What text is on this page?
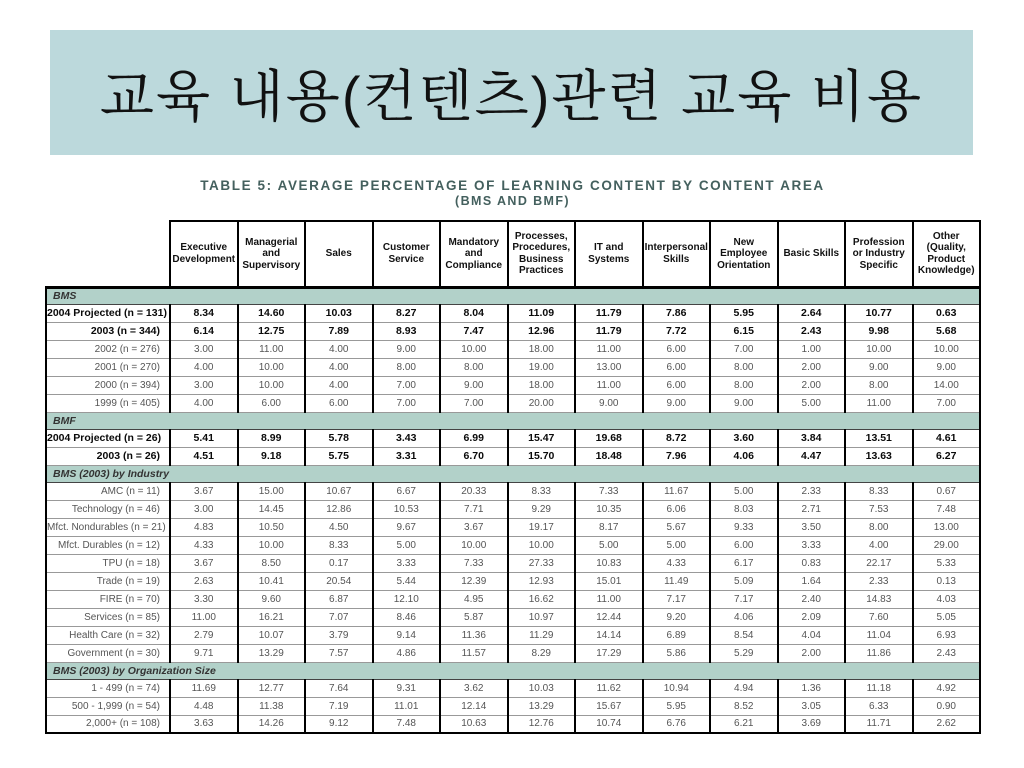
교육 내용(컨텐츠)관련 교육 비용
TABLE 5: AVERAGE PERCENTAGE OF LEARNING CONTENT BY CONTENT AREA
(BMS AND BMF)
	Executive Development	Managerial and Supervisory	Sales	Customer Service	Mandatory and Compliance	Processes, Procedures, Business Practices	IT and Systems	Interpersonal Skills	New Employee Orientation	Basic Skills	Profession or Industry Specific	Other (Quality, Product Knowledge)
BMS												
2004 Projected (n = 131)	8.34	14.60	10.03	8.27	8.04	11.09	11.79	7.86	5.95	2.64	10.77	0.63
2003 (n = 344)	6.14	12.75	7.89	8.93	7.47	12.96	11.79	7.72	6.15	2.43	9.98	5.68
2002 (n = 276)	3.00	11.00	4.00	9.00	10.00	18.00	11.00	6.00	7.00	1.00	10.00	10.00
2001 (n = 270)	4.00	10.00	4.00	8.00	8.00	19.00	13.00	6.00	8.00	2.00	9.00	9.00
2000 (n = 394)	3.00	10.00	4.00	7.00	9.00	18.00	11.00	6.00	8.00	2.00	8.00	14.00
1999 (n = 405)	4.00	6.00	6.00	7.00	7.00	20.00	9.00	9.00	9.00	5.00	11.00	7.00
BMF												
2004 Projected (n = 26)	5.41	8.99	5.78	3.43	6.99	15.47	19.68	8.72	3.60	3.84	13.51	4.61
2003 (n = 26)	4.51	9.18	5.75	3.31	6.70	15.70	18.48	7.96	4.06	4.47	13.63	6.27
BMS (2003) by Industry												
AMC (n = 11)	3.67	15.00	10.67	6.67	20.33	8.33	7.33	11.67	5.00	2.33	8.33	0.67
Technology (n = 46)	3.00	14.45	12.86	10.53	7.71	9.29	10.35	6.06	8.03	2.71	7.53	7.48
Mfct. Nondurables (n = 21)	4.83	10.50	4.50	9.67	3.67	19.17	8.17	5.67	9.33	3.50	8.00	13.00
Mfct. Durables (n = 12)	4.33	10.00	8.33	5.00	10.00	10.00	5.00	5.00	6.00	3.33	4.00	29.00
TPU (n = 18)	3.67	8.50	0.17	3.33	7.33	27.33	10.83	4.33	6.17	0.83	22.17	5.33
Trade (n = 19)	2.63	10.41	20.54	5.44	12.39	12.93	15.01	11.49	5.09	1.64	2.33	0.13
FIRE (n = 70)	3.30	9.60	6.87	12.10	4.95	16.62	11.00	7.17	7.17	2.40	14.83	4.03
Services (n = 85)	11.00	16.21	7.07	8.46	5.87	10.97	12.44	9.20	4.06	2.09	7.60	5.05
Health Care (n = 32)	2.79	10.07	3.79	9.14	11.36	11.29	14.14	6.89	8.54	4.04	11.04	6.93
Government (n = 30)	9.71	13.29	7.57	4.86	11.57	8.29	17.29	5.86	5.29	2.00	11.86	2.43
BMS (2003) by Organization Size												
1 - 499 (n = 74)	11.69	12.77	7.64	9.31	3.62	10.03	11.62	10.94	4.94	1.36	11.18	4.92
500 - 1,999 (n = 54)	4.48	11.38	7.19	11.01	12.14	13.29	15.67	5.95	8.52	3.05	6.33	0.90
2,000+ (n = 108)	3.63	14.26	9.12	7.48	10.63	12.76	10.74	6.76	6.21	3.69	11.71	2.62
